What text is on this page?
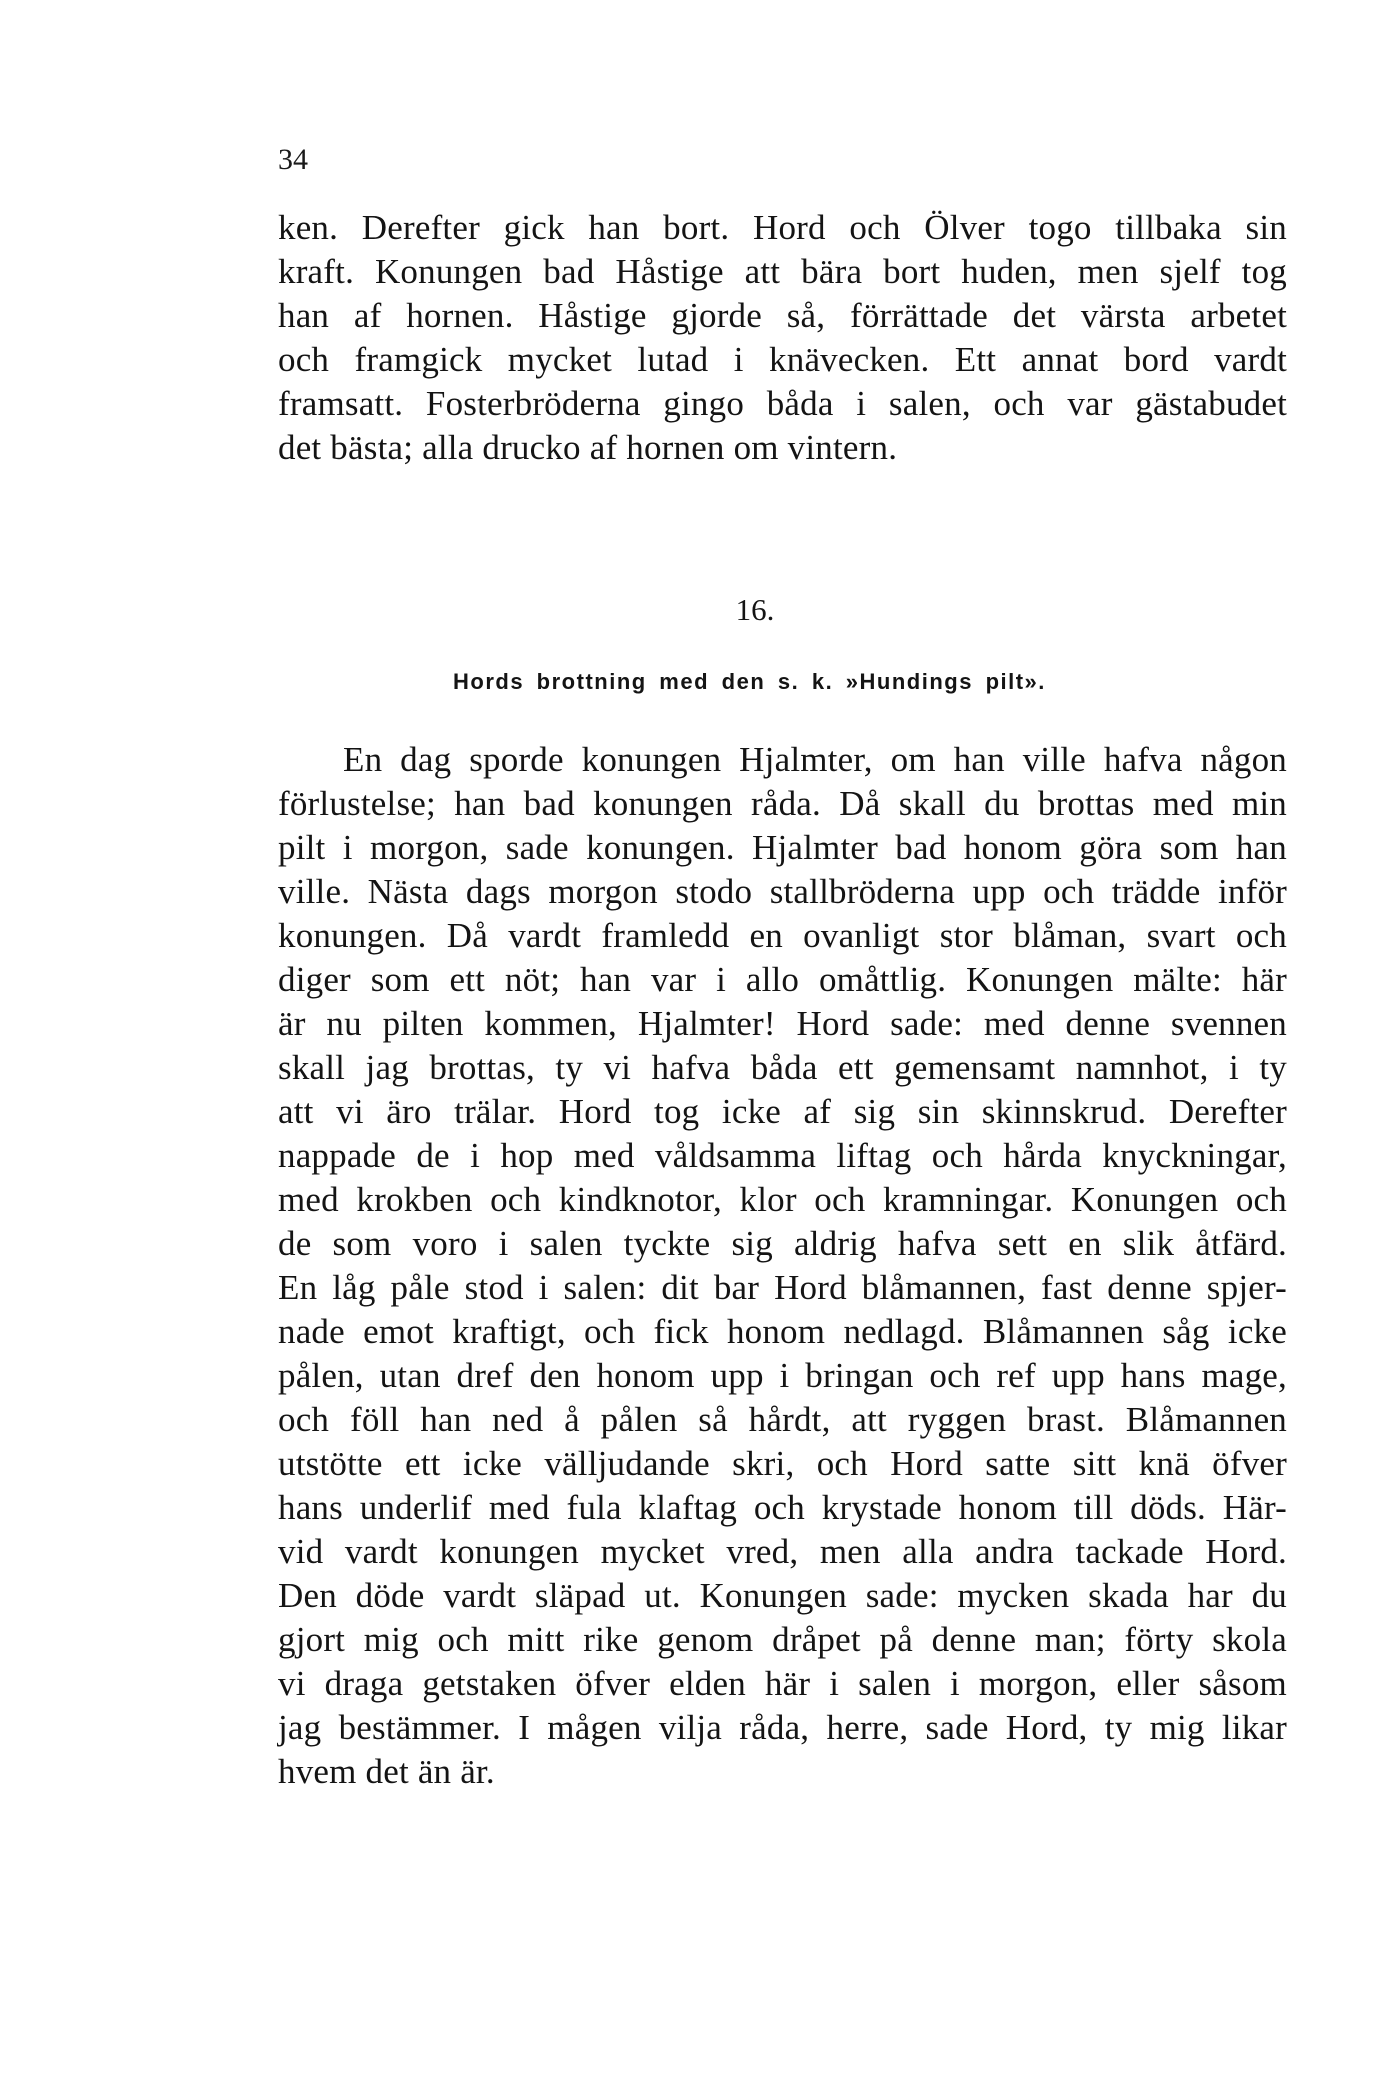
34
ken. Derefter gick han bort. Hord och Ölver togo tillbaka sin
kraft. Konungen bad Håstige att bära bort huden, men sjelf tog
han af hornen. Håstige gjorde så, förrättade det värsta arbetet
och framgick mycket lutad i knävecken. Ett annat bord vardt
framsatt. Fosterbröderna gingo båda i salen, och var gästabudet
det bästa; alla drucko af hornen om vintern.
16.
Hords brottning med den s. k. »Hundings pilt».
En dag sporde konungen Hjalmter, om han ville hafva någon
förlustelse; han bad konungen råda. Då skall du brottas med min
pilt i morgon, sade konungen. Hjalmter bad honom göra som han
ville. Nästa dags morgon stodo stallbröderna upp och trädde inför
konungen. Då vardt framledd en ovanligt stor blåman, svart och
diger som ett nöt; han var i allo omåttlig. Konungen mälte: här
är nu pilten kommen, Hjalmter! Hord sade: med denne svennen
skall jag brottas, ty vi hafva båda ett gemensamt namnhot, i ty
att vi äro trälar. Hord tog icke af sig sin skinnskrud. Derefter
nappade de i hop med våldsamma liftag och hårda knyckningar,
med krokben och kindknotor, klor och kramningar. Konungen och
de som voro i salen tyckte sig aldrig hafva sett en slik åtfärd.
En låg påle stod i salen: dit bar Hord blåmannen, fast denne spjer-
nade emot kraftigt, och fick honom nedlagd. Blåmannen såg icke
pålen, utan dref den honom upp i bringan och ref upp hans mage,
och föll han ned å pålen så hårdt, att ryggen brast. Blåmannen
utstötte ett icke välljudande skri, och Hord satte sitt knä öfver
hans underlif med fula klaftag och krystade honom till döds. Här-
vid vardt konungen mycket vred, men alla andra tackade Hord.
Den döde vardt släpad ut. Konungen sade: mycken skada har du
gjort mig och mitt rike genom dråpet på denne man; förty skola
vi draga getstaken öfver elden här i salen i morgon, eller såsom
jag bestämmer. I mågen vilja råda, herre, sade Hord, ty mig likar
hvem det än är.
